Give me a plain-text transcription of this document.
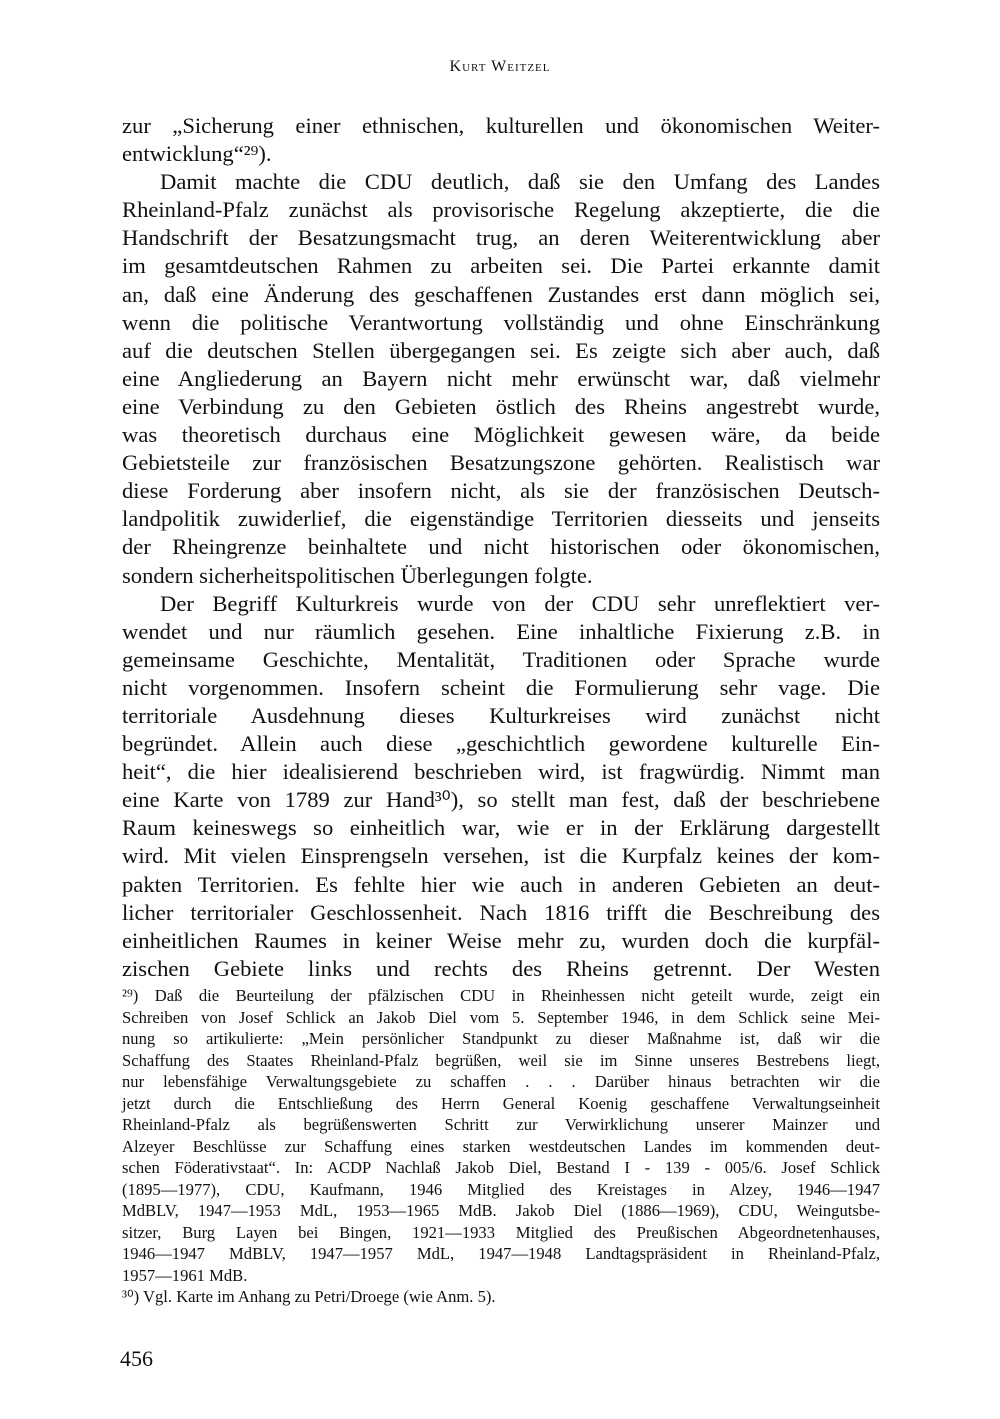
Kurt Weitzel
zur „Sicherung einer ethnischen, kulturellen und ökonomischen Weiter-
entwicklung“²⁹).
Damit machte die CDU deutlich, daß sie den Umfang des Landes
Rheinland-Pfalz zunächst als provisorische Regelung akzeptierte, die die
Handschrift der Besatzungsmacht trug, an deren Weiterentwicklung aber
im gesamtdeutschen Rahmen zu arbeiten sei. Die Partei erkannte damit
an, daß eine Änderung des geschaffenen Zustandes erst dann möglich sei,
wenn die politische Verantwortung vollständig und ohne Einschränkung
auf die deutschen Stellen übergegangen sei. Es zeigte sich aber auch, daß
eine Angliederung an Bayern nicht mehr erwünscht war, daß vielmehr
eine Verbindung zu den Gebieten östlich des Rheins angestrebt wurde,
was theoretisch durchaus eine Möglichkeit gewesen wäre, da beide
Gebietsteile zur französischen Besatzungszone gehörten. Realistisch war
diese Forderung aber insofern nicht, als sie der französischen Deutsch-
landpolitik zuwiderlief, die eigenständige Territorien diesseits und jenseits
der Rheingrenze beinhaltete und nicht historischen oder ökonomischen,
sondern sicherheitspolitischen Überlegungen folgte.
Der Begriff Kulturkreis wurde von der CDU sehr unreflektiert ver-
wendet und nur räumlich gesehen. Eine inhaltliche Fixierung z.B. in
gemeinsame Geschichte, Mentalität, Traditionen oder Sprache wurde
nicht vorgenommen. Insofern scheint die Formulierung sehr vage. Die
territoriale Ausdehnung dieses Kulturkreises wird zunächst nicht
begründet. Allein auch diese „geschichtlich gewordene kulturelle Ein-
heit“, die hier idealisierend beschrieben wird, ist fragwürdig. Nimmt man
eine Karte von 1789 zur Hand³⁰), so stellt man fest, daß der beschriebene
Raum keineswegs so einheitlich war, wie er in der Erklärung dargestellt
wird. Mit vielen Einsprengseln versehen, ist die Kurpfalz keines der kom-
pakten Territorien. Es fehlte hier wie auch in anderen Gebieten an deut-
licher territorialer Geschlossenheit. Nach 1816 trifft die Beschreibung des
einheitlichen Raumes in keiner Weise mehr zu, wurden doch die kurpfäl-
zischen Gebiete links und rechts des Rheins getrennt. Der Westen
²⁹) Daß die Beurteilung der pfälzischen CDU in Rheinhessen nicht geteilt wurde, zeigt ein
Schreiben von Josef Schlick an Jakob Diel vom 5. September 1946, in dem Schlick seine Mei-
nung so artikulierte: „Mein persönlicher Standpunkt zu dieser Maßnahme ist, daß wir die
Schaffung des Staates Rheinland-Pfalz begrüßen, weil sie im Sinne unseres Bestrebens liegt,
nur lebensfähige Verwaltungsgebiete zu schaffen . . . Darüber hinaus betrachten wir die
jetzt durch die Entschließung des Herrn General Koenig geschaffene Verwaltungseinheit
Rheinland-Pfalz als begrüßenswerten Schritt zur Verwirklichung unserer Mainzer und
Alzeyer Beschlüsse zur Schaffung eines starken westdeutschen Landes im kommenden deut-
schen Föderativstaat“. In: ACDP Nachlaß Jakob Diel, Bestand I - 139 - 005/6. Josef Schlick
(1895—1977), CDU, Kaufmann, 1946 Mitglied des Kreistages in Alzey, 1946—1947
MdBLV, 1947—1953 MdL, 1953—1965 MdB. Jakob Diel (1886—1969), CDU, Weingutsbe-
sitzer, Burg Layen bei Bingen, 1921—1933 Mitglied des Preußischen Abgeordnetenhauses,
1946—1947 MdBLV, 1947—1957 MdL, 1947—1948 Landtagspräsident in Rheinland-Pfalz,
1957—1961 MdB.
³⁰) Vgl. Karte im Anhang zu Petri/Droege (wie Anm. 5).
456
